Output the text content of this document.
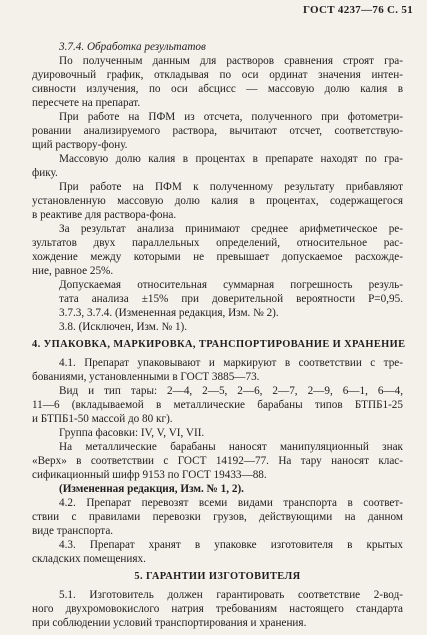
ГОСТ 4237—76 С. 51
3.7.4. Обработка результатов
По полученным данным для растворов сравнения строят гра-
дуировочный график, откладывая по оси ординат значения интен-
сивности излучения, по оси абсцисс — массовую долю калия в
пересчете на препарат.
При работе на ПФМ из отсчета, полученного при фотометри-
ровании анализируемого раствора, вычитают отсчет, соответствую-
щий раствору-фону.
Массовую долю калия в процентах в препарате находят по гра-
фику.
При работе на ПФМ к полученному результату прибавляют
установленную массовую долю калия в процентах, содержащегося
в реактиве для раствора-фона.
За результат анализа принимают среднее арифметическое ре-
зультатов двух параллельных определений, относительное рас-
хождение между которыми не превышает допускаемое расхожде-
ние, равное 25%.
Допускаемая относительная суммарная погрешность резуль-
тата анализа ±15% при доверительной вероятности P=0,95.
3.7.3, 3.7.4. (Измененная редакция, Изм. № 2).
3.8. (Исключен, Изм. № 1).
4.1. Препарат упаковывают и маркируют в соответствии с тре-
бованиями, установленными в ГОСТ 3885—73.
Вид и тип тары: 2—4, 2—5, 2—6, 2—7, 2—9, 6—1, 6—4,
11—6 (вкладываемой в металлические барабаны типов БТПБ1-25
и БТПБ1-50 массой до 80 кг).
Группа фасовки: IV, V, VI, VII.
На металлические барабаны наносят манипуляционный знак
«Верх» в соответствии с ГОСТ 14192—77. На тару наносят клас-
сификационный шифр 9153 по ГОСТ 19433—88.
(Измененная редакция, Изм. № 1, 2).
4.2. Препарат перевозят всеми видами транспорта в соответ-
ствии с правилами перевозки грузов, действующими на данном
виде транспорта.
4.3. Препарат хранят в упаковке изготовителя в крытых
складских помещениях.
5.1. Изготовитель должен гарантировать соответствие 2-вод-
ного двухромовокислого натрия требованиям настоящего стандарта
при соблюдении условий транспортирования и хранения.
4. УПАКОВКА, МАРКИРОВКА, ТРАНСПОРТИРОВАНИЕ И ХРАНЕНИЕ
5. ГАРАНТИИ ИЗГОТОВИТЕЛЯ
